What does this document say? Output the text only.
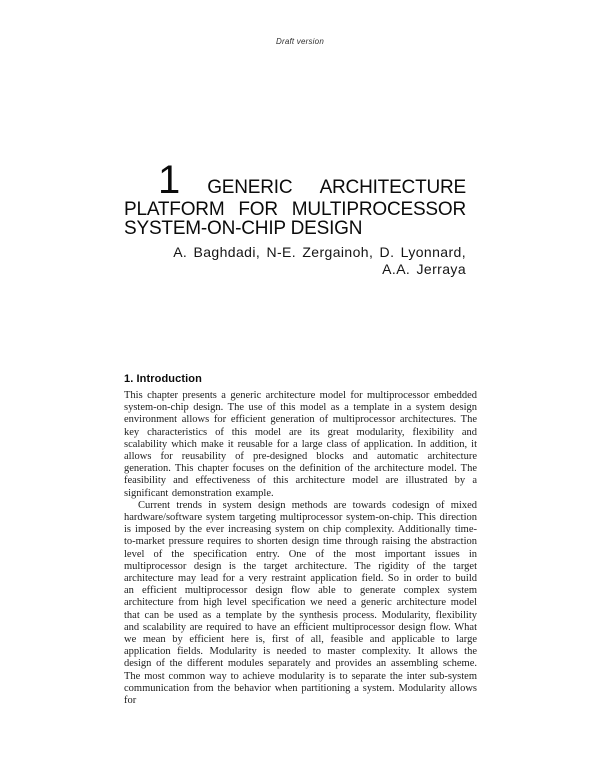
Draft version
1 GENERIC ARCHITECTURE
PLATFORM FOR MULTIPROCESSOR
SYSTEM-ON-CHIP DESIGN
A. Baghdadi, N-E. Zergainoh, D. Lyonnard,
A.A. Jerraya
1. Introduction

This chapter presents a generic architecture model for multiprocessor embedded system-on-chip design. The use of this model as a template in a system design environment allows for efficient generation of multiprocessor architectures. The key characteristics of this model are its great modularity, flexibility and scalability which make it reusable for a large class of application. In addition, it allows for reusability of pre-designed blocks and automatic architecture generation. This chapter focuses on the definition of the architecture model. The feasibility and effectiveness of this architecture model are illustrated by a significant demonstration example.

Current trends in system design methods are towards codesign of mixed hardware/software system targeting multiprocessor system-on-chip. This direction is imposed by the ever increasing system on chip complexity. Additionally time-to-market pressure requires to shorten design time through raising the abstraction level of the specification entry. One of the most important issues in multiprocessor design is the target architecture. The rigidity of the target architecture may lead for a very restraint application field. So in order to build an efficient multiprocessor design flow able to generate complex system architecture from high level specification we need a generic architecture model that can be used as a template by the synthesis process. Modularity, flexibility and scalability are required to have an efficient multiprocessor design flow. What we mean by efficient here is, first of all, feasible and applicable to large application fields. Modularity is needed to master complexity. It allows the design of the different modules separately and provides an assembling scheme. The most common way to achieve modularity is to separate the inter sub-system communication from the behavior when partitioning a system. Modularity allows for
